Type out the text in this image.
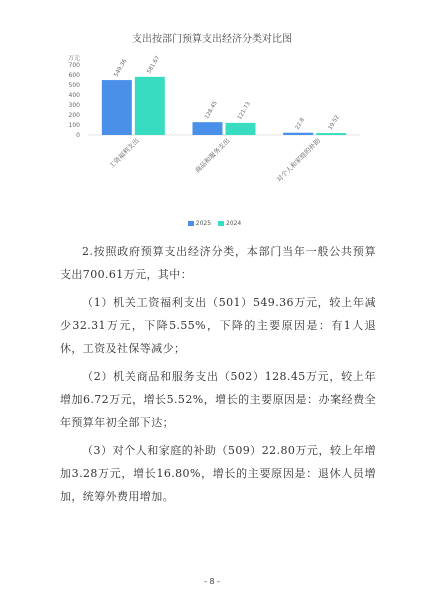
支出按部门预算支出经济分类对比图
万元
0
100
200
300
400
500
600
700	549.36	581.67
工资福利支出
128.45	121.73
商品和服务支出
22.8	19.52
对个人和家庭的补助
2025 2024

2.按照政府预算支出经济分类，本部门当年一般公共预算支出700.61万元，其中：

（1）机关工资福利支出（501）549.36万元，较上年减少32.31万元，下降5.55%，下降的主要原因是：有1人退休，工资及社保等减少；

（2）机关商品和服务支出（502）128.45万元，较上年增加6.72万元，增长5.52%，增长的主要原因是：办案经费全年预算年初全部下达；

（3）对个人和家庭的补助（509）22.80万元，较上年增加3.28万元，增长16.80%，增长的主要原因是：退休人员增加，统筹外费用增加。

- 8 -
